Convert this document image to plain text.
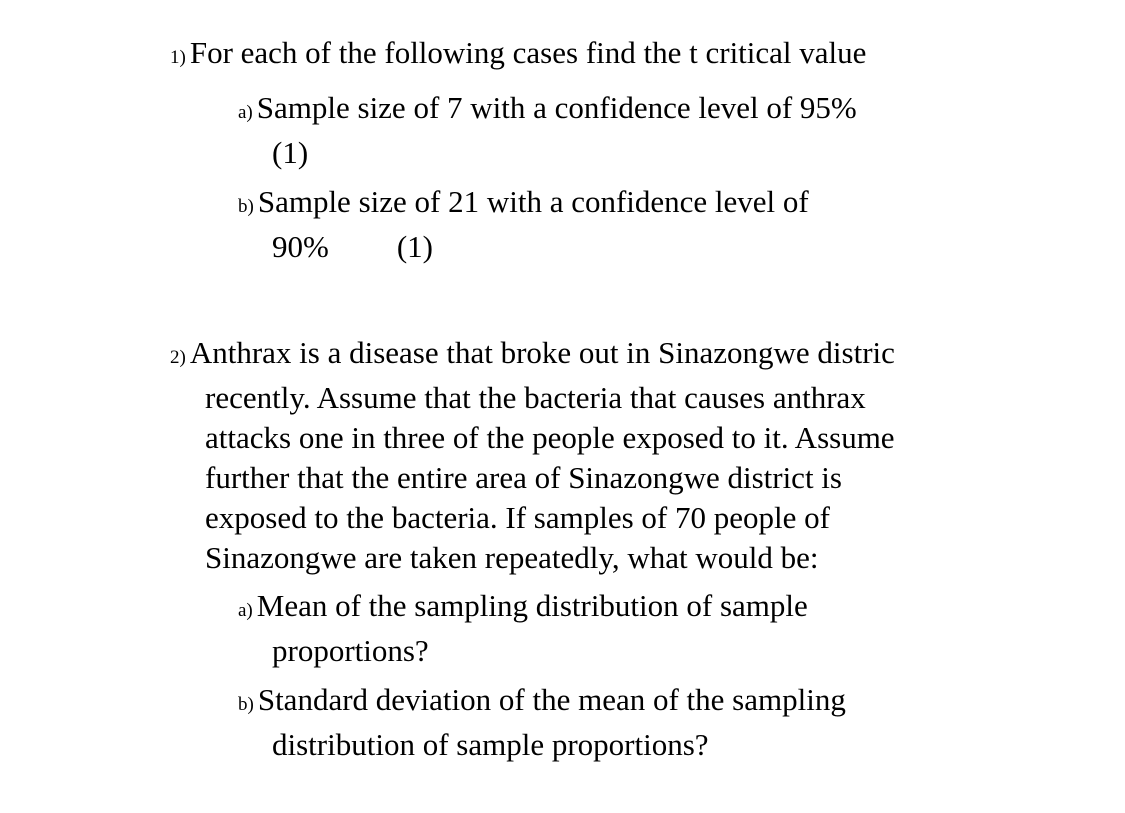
1) For each of the following cases find the t critical value
a) Sample size of 7 with a confidence level of 95%
(1)
b) Sample size of 21 with a confidence level of
90% (1)
2) Anthrax is a disease that broke out in Sinazongwe distric
recently. Assume that the bacteria that causes anthrax
attacks one in three of the people exposed to it. Assume
further that the entire area of Sinazongwe district is
exposed to the bacteria. If samples of 70 people of
Sinazongwe are taken repeatedly, what would be:
a) Mean of the sampling distribution of sample
proportions?
b) Standard deviation of the mean of the sampling
distribution of sample proportions?
